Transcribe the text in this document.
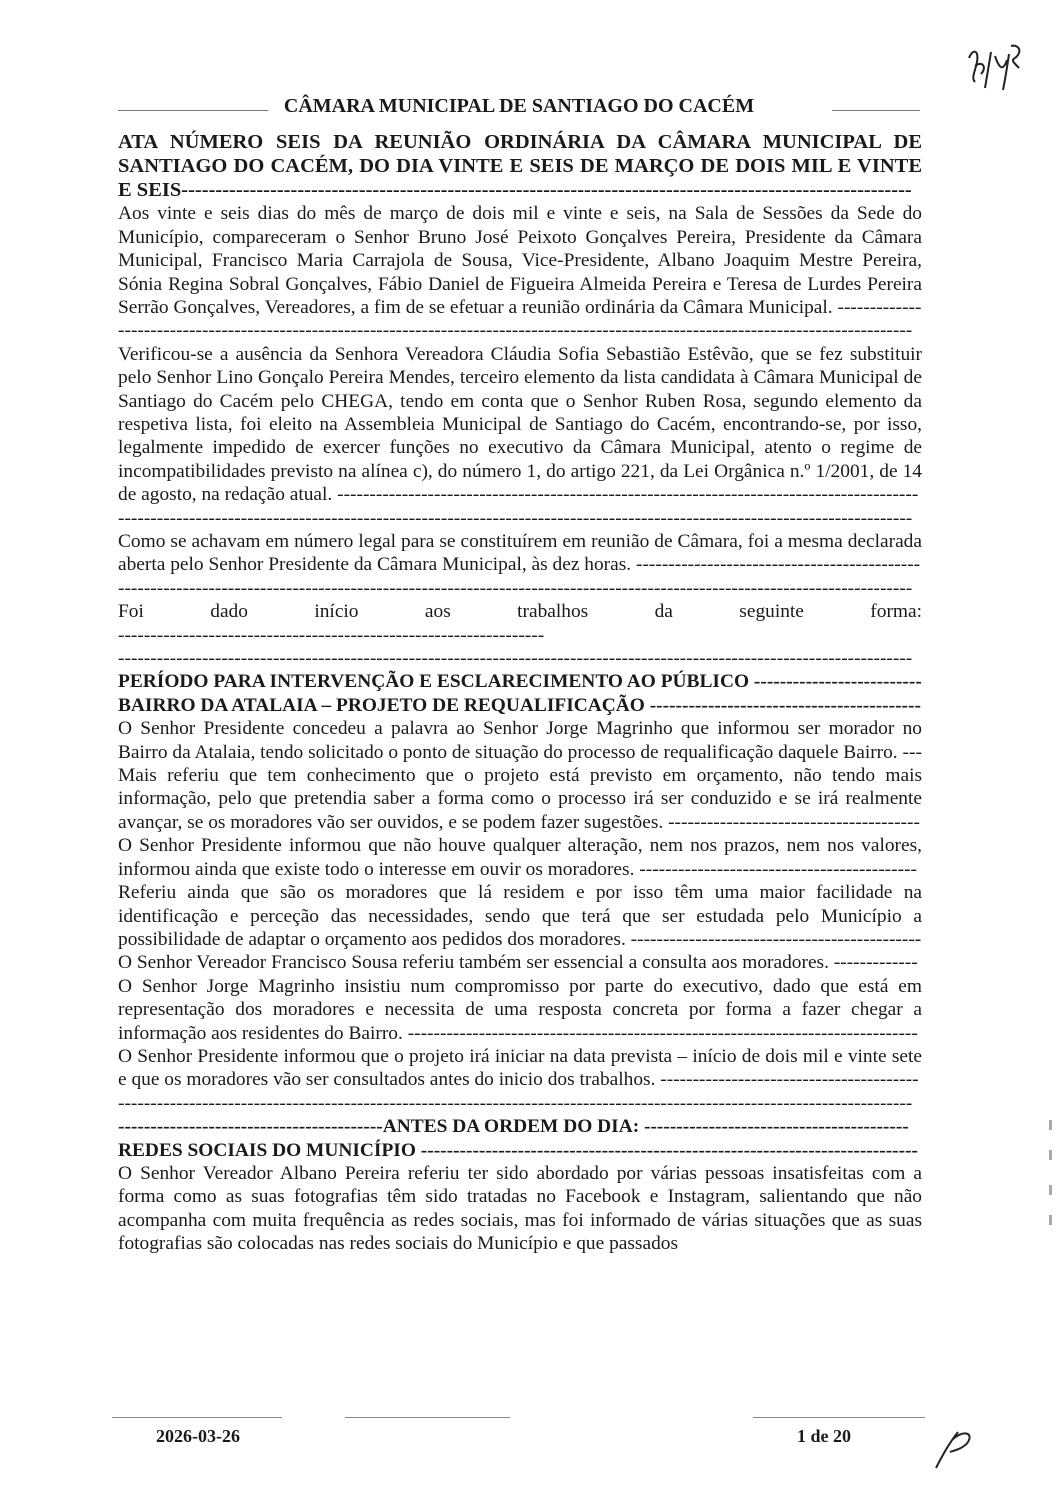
CÂMARA MUNICIPAL DE SANTIAGO DO CACÉM

ATA NÚMERO SEIS DA REUNIÃO ORDINÁRIA DA CÂMARA MUNICIPAL DE SANTIAGO DO CACÉM, DO DIA VINTE E SEIS DE MARÇO DE DOIS MIL E VINTE E SEIS-----------------------------------------------------------------------------------------------------------

Aos vinte e seis dias do mês de março de dois mil e vinte e seis, na Sala de Sessões da Sede do Município, compareceram o Senhor Bruno José Peixoto Gonçalves Pereira, Presidente da Câmara Municipal, Francisco Maria Carrajola de Sousa, Vice-Presidente, Albano Joaquim Mestre Pereira, Sónia Regina Sobral Gonçalves, Fábio Daniel de Figueira Almeida Pereira e Teresa de Lurdes Pereira Serrão Gonçalves, Vereadores, a fim de se efetuar a reunião ordinária da Câmara Municipal. -------------

---------------------------------------------------------------------------------------------------------------------------

Verificou-se a ausência da Senhora Vereadora Cláudia Sofia Sebastião Estêvão, que se fez substituir pelo Senhor Lino Gonçalo Pereira Mendes, terceiro elemento da lista candidata à Câmara Municipal de Santiago do Cacém pelo CHEGA, tendo em conta que o Senhor Ruben Rosa, segundo elemento da respetiva lista, foi eleito na Assembleia Municipal de Santiago do Cacém, encontrando-se, por isso, legalmente impedido de exercer funções no executivo da Câmara Municipal, atento o regime de incompatibilidades previsto na alínea c), do número 1, do artigo 221, da Lei Orgânica n.º 1/2001, de 14 de agosto, na redação atual. ------------------------------------------------------------------------------------------

---------------------------------------------------------------------------------------------------------------------------

Como se achavam em número legal para se constituírem em reunião de Câmara, foi a mesma declarada aberta pelo Senhor Presidente da Câmara Municipal, às dez horas. --------------------------------------------

---------------------------------------------------------------------------------------------------------------------------

Foi dado início aos trabalhos da seguinte forma: ------------------------------------------------------------------

---------------------------------------------------------------------------------------------------------------------------

PERÍODO PARA INTERVENÇÃO E ESCLARECIMENTO AO PÚBLICO --------------------------

BAIRRO DA ATALAIA – PROJETO DE REQUALIFICAÇÃO ------------------------------------------

O Senhor Presidente concedeu a palavra ao Senhor Jorge Magrinho que informou ser morador no Bairro da Atalaia, tendo solicitado o ponto de situação do processo de requalificação daquele Bairro. ---

Mais referiu que tem conhecimento que o projeto está previsto em orçamento, não tendo mais informação, pelo que pretendia saber a forma como o processo irá ser conduzido e se irá realmente avançar, se os moradores vão ser ouvidos, e se podem fazer sugestões. ---------------------------------------

O Senhor Presidente informou que não houve qualquer alteração, nem nos prazos, nem nos valores, informou ainda que existe todo o interesse em ouvir os moradores. -------------------------------------------

Referiu ainda que são os moradores que lá residem e por isso têm uma maior facilidade na identificação e perceção das necessidades, sendo que terá que ser estudada pelo Município a possibilidade de adaptar o orçamento aos pedidos dos moradores. ---------------------------------------------

O Senhor Vereador Francisco Sousa referiu também ser essencial a consulta aos moradores. -------------

O Senhor Jorge Magrinho insistiu num compromisso por parte do executivo, dado que está em representação dos moradores e necessita de uma resposta concreta por forma a fazer chegar a informação aos residentes do Bairro. -------------------------------------------------------------------------------

O Senhor Presidente informou que o projeto irá iniciar na data prevista – início de dois mil e vinte sete e que os moradores vão ser consultados antes do inicio dos trabalhos. ----------------------------------------

---------------------------------------------------------------------------------------------------------------------------
-----------------------------------------ANTES DA ORDEM DO DIA: -----------------------------------------

REDES SOCIAIS DO MUNICÍPIO -----------------------------------------------------------------------------

O Senhor Vereador Albano Pereira referiu ter sido abordado por várias pessoas insatisfeitas com a forma como as suas fotografias têm sido tratadas no Facebook e Instagram, salientando que não acompanha com muita frequência as redes sociais, mas foi informado de várias situações que as suas fotografias são colocadas nas redes sociais do Município e que passados

2026-03-26	1 de 20
